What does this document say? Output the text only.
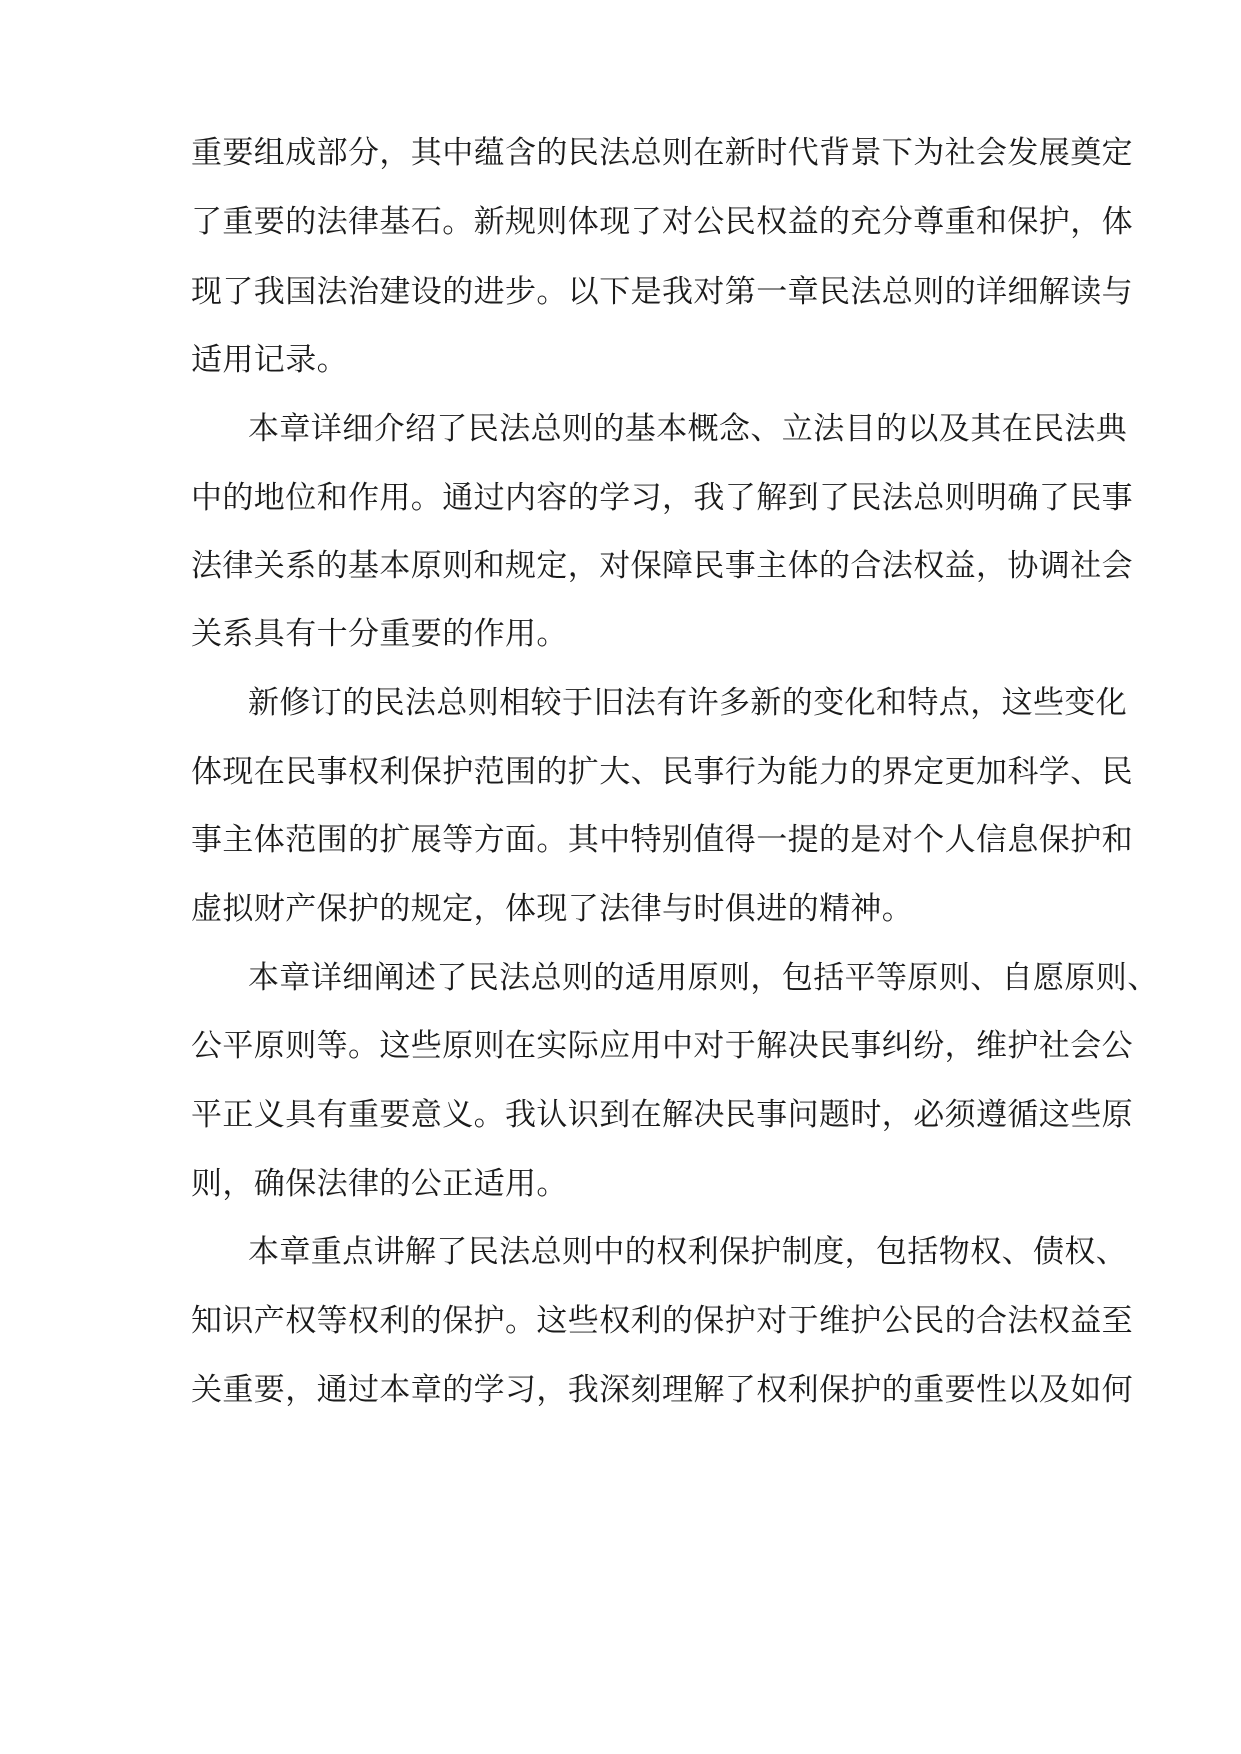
重要组成部分，其中蕴含的民法总则在新时代背景下为社会发展奠定
了重要的法律基石。新规则体现了对公民权益的充分尊重和保护，体
现了我国法治建设的进步。以下是我对第一章民法总则的详细解读与
适用记录。
本章详细介绍了民法总则的基本概念、立法目的以及其在民法典
中的地位和作用。通过内容的学习，我了解到了民法总则明确了民事
法律关系的基本原则和规定，对保障民事主体的合法权益，协调社会
关系具有十分重要的作用。
新修订的民法总则相较于旧法有许多新的变化和特点，这些变化
体现在民事权利保护范围的扩大、民事行为能力的界定更加科学、民
事主体范围的扩展等方面。其中特别值得一提的是对个人信息保护和
虚拟财产保护的规定，体现了法律与时俱进的精神。
本章详细阐述了民法总则的适用原则，包括平等原则、自愿原则、
公平原则等。这些原则在实际应用中对于解决民事纠纷，维护社会公
平正义具有重要意义。我认识到在解决民事问题时，必须遵循这些原
则，确保法律的公正适用。
本章重点讲解了民法总则中的权利保护制度，包括物权、债权、
知识产权等权利的保护。这些权利的保护对于维护公民的合法权益至
关重要，通过本章的学习，我深刻理解了权利保护的重要性以及如何
